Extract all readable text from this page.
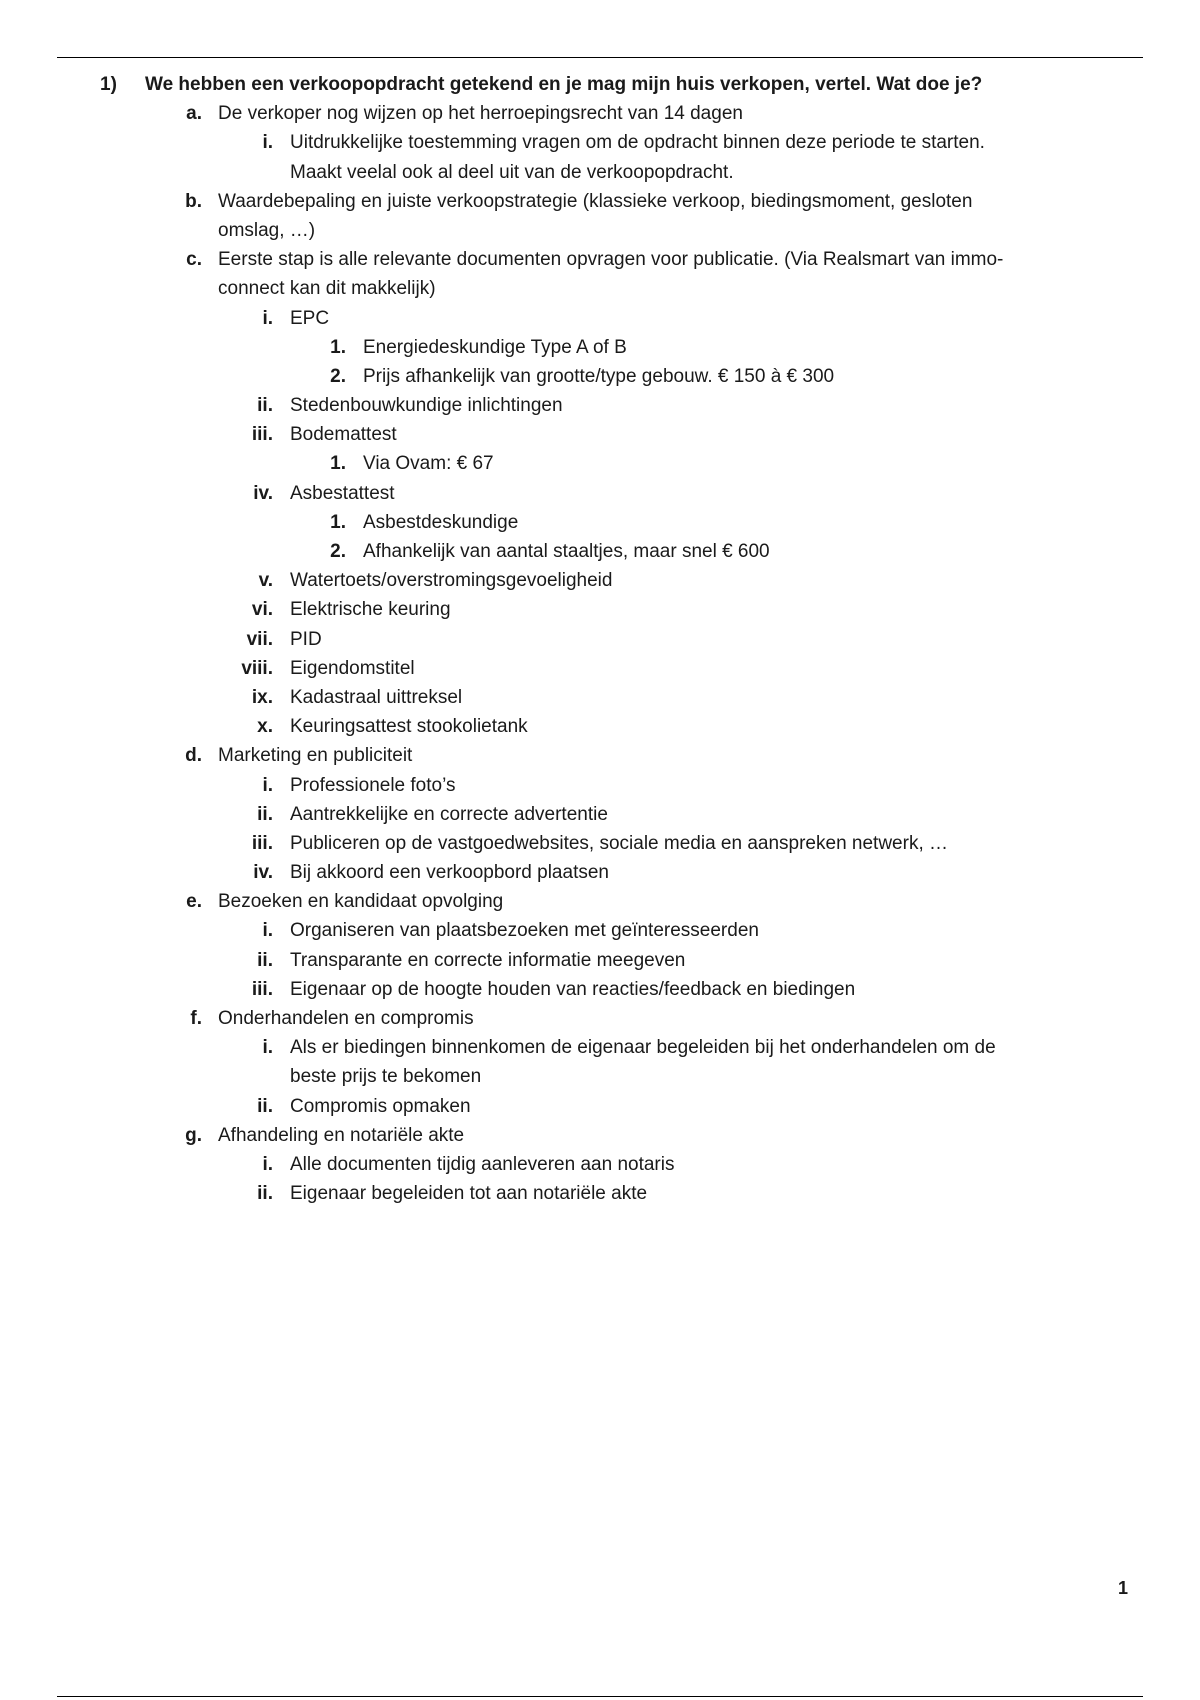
1)	We hebben een verkoopopdracht getekend en je mag mijn huis verkopen, vertel. Wat doe je?
a. De verkoper nog wijzen op het herroepingsrecht van 14 dagen
i. Uitdrukkelijke toestemming vragen om de opdracht binnen deze periode te starten.
Maakt veelal ook al deel uit van de verkoopopdracht.
b. Waardebepaling en juiste verkoopstrategie (klassieke verkoop, biedingsmoment, gesloten
omslag, …)
c. Eerste stap is alle relevante documenten opvragen voor publicatie. (Via Realsmart van immo-
connect kan dit makkelijk)
i. EPC
1. Energiedeskundige Type A of B
2. Prijs afhankelijk van grootte/type gebouw. € 150 à € 300
ii. Stedenbouwkundige inlichtingen
iii. Bodemattest
1. Via Ovam: € 67
iv. Asbestattest
1. Asbestdeskundige
2. Afhankelijk van aantal staaltjes, maar snel € 600
v. Watertoets/overstromingsgevoeligheid
vi. Elektrische keuring
vii. PID
viii. Eigendomstitel
ix. Kadastraal uittreksel
x. Keuringsattest stookolietank
d. Marketing en publiciteit
i. Professionele foto’s
ii. Aantrekkelijke en correcte advertentie
iii. Publiceren op de vastgoedwebsites, sociale media en aanspreken netwerk, …
iv. Bij akkoord een verkoopbord plaatsen
e. Bezoeken en kandidaat opvolging
i. Organiseren van plaatsbezoeken met geïnteresseerden
ii. Transparante en correcte informatie meegeven
iii. Eigenaar op de hoogte houden van reacties/feedback en biedingen
f. Onderhandelen en compromis
i. Als er biedingen binnenkomen de eigenaar begeleiden bij het onderhandelen om de
beste prijs te bekomen
ii. Compromis opmaken
g. Afhandeling en notariële akte
i. Alle documenten tijdig aanleveren aan notaris
ii. Eigenaar begeleiden tot aan notariële akte
1
